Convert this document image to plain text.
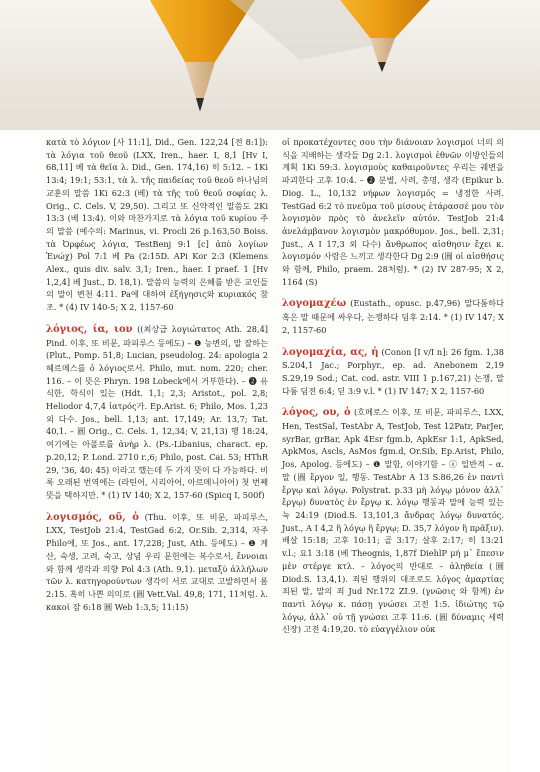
κατὰ τὸ λόγιον [사 11:1], Did., Gen. 122,24 [전 8:1]): τὰ λόγια τοῦ θεοῦ (LXX, Iren., haer. I, 8,1 [Hv I, 68,11] 베 τὰ θεῖα λ. Did., Gen. 174,16) 히 5:12. – 1Ki 13:4; 19:1; 53:1, τὰ λ. τῆς παιδείας τοῦ θεοῦ 하나님의 교훈의 말씀 1Ki 62:3 (베) τὰ τῆς τοῦ θεοῦ σοφίας λ. Orig., C. Cels. V, 29,50). 그리고 또 신약적인 말씀도 2Ki 13:3 (베 13:4). 이와 마찬가지로 τὰ λόγια τοῦ κυρίου 주의 말씀 (예수의: Marinus, vi. Procli 26 p.163,50 Boiss. τὰ Ὀρφέως λόγια, TestBenj 9:1 [c] ἀπὸ λογίων Ἐνώχ) Pol 7:1 베 Pa (2:15D. APi Kor 2:3 (Klemens Alex., quis div. salv. 3,1; Iren., haer. I praef. 1 [Hv 1,2,4] 베 Just., D. 18,1). 말씀의 능력의 은혜를 받은 교인들의 말이 변천 4:11. Pa에 대하여 ἐξήγησις와 κυριακός 참조. * (4) IV 140-5; X 2, 1157-60

λόγιος, ία, ιον ((최상급 λογιώτατος Ath. 28,4] Pind. 이후, 또 비문, 파피루스 등에도) – ❶ 능변의, 말 잘하는 (Plut., Pomp. 51,8; Lucian, pseudolog. 24: apologia 2 헤르메스를 ὁ λόγιος로서. Philo, mut. nom. 220; cher. 116. – 이 뜻은 Phryn. 198 Lobeck에서 거부한다). – ❷ 유식한, 학식이 있는 (Hdt. 1,1; 2,3; Aristot., pol. 2,8; Heliodor 4,7,4 ἰατρός가. Ep.Arist. 6; Philo, Mos. 1,23 외 다수. Jos., bell. 1,13; ant. 17,149; Ar. 13,7; Tat. 40,1. – 圓 Orig., C. Cels. 1, 12,34; V, 21,13) 행 18:24, 여기에는 아폴로를 ἀνὴρ λ. (Ps.-Libanius, charact. ep. p.20,12; P. Lond. 2710 r.,6; Philo, post. Cai. 53; HThR 29, '36, 40: 45) 이라고 했는데 두 가지 뜻이 다 가능하다. 비록 오래된 번역에는 (라틴어, 시리아어, 아르메니아어) 첫 번째 뜻을 택하지만. * (1) IV 140; X 2, 157-60 (Spicq I, 500f)

λογισμός, οῦ, ὁ (Thu. 이후, 또 비문, 파피루스, LXX, TestJob 21:4, TestGad 6:2, Or.Sib. 2,314, 자주 Philo에, 또 Jos., ant. 17,228; Just, Ath. 등에도) – ❶ 계산, 숙생, 고려, 숙고, 상념 우리 문헌에는 복수로서, ἔννοιαι와 함께 생각과 의향 Pol 4:3 (Ath. 9,1). μεταξὺ ἀλλήλων τῶν λ. κατηγορούντων 생각이 서로 교대로 고발하면서 롬 2:15. 혹히 나쁜 의미로 (圓 Vett.Val. 49,8; 171, 11처럼. λ. κακοί 잠 6:18 圓 Web 1:3,5; 11:15)

οἱ προκατέχοντες σου τὴν διάνοιαν λογισμοί 너의 의식을 지배하는 생각들 Dg 2:1. λογισμοὶ ἐθνῶν 이방인들의 계획 1Ki 59:3. λογισμοὺς καθαιροῦντες 우리는 궤변을 파괴한다 고후 10:4. – ❷ 분별, 사려, 총명, 생각 (Epikur b. Diog. L., 10,132 νήφων λογισμός = 냉정한 사려. TestGad 6:2 τὸ πνεῦμα τοῦ μίσους ἐτάρασσέ μου τὸν λογισμὸν πρὸς τὸ ἀνελεῖν αὐτόν. TestJob 21:4 ἀνελάμβανον λογισμὸν μακρόθυμον. Jos., bell. 2,31; Just., A I 17,3 외 다수) ἄνθρωπος αἰσθησιν ἔχει κ. λογισμόν 사람은 느끼고 생각한다 Dg 2:9 (圓 οἱ αἰσθήσις와 함께, Philo, praem. 28처럼). * (2) IV 287-95; X 2, 1164 (S)

λογομαχέω (Eustath., opusc. p.47,96) 말다툼하다 혹은 말 때문에 싸우다, 논쟁하다 딤후 2:14. * (1) IV 147; X 2, 1157-60

λογομαχία, ας, ἡ (Conon [I v/I n]: 26 fgm. 1,38 S.204,1 Jac.; Porphyr., ep. ad. Anebonem 2,19 S.29,19 Sod.; Cat. cod. astr. VIII 1 p.167,21) 논쟁, 말다툼 딤전 6:4; 딛 3:9 v.l. * (1) IV 147; X 2, 1157-60

λόγος, ου, ὁ (호메로스 이후, 또 비문, 파피루스, LXX, Hen, TestSal, TestAbr A, TestJob, Test 12Patr, ParJer, syrBar, grBar, Apk 4Esr fgm.b, ApkEsr 1:1, ApkSed, ApkMos, Ascls, AsMos fgm.d, Or.Sib, Ep.Arist, Philo, Jos, Apolog. 등에도) – ❶ 말함, 이야기함 – ⓐ 일반적 – α. 말 (圓 ἔργον 일, 행동. TestAbr A 13 S.86,26 ἐν παντὶ ἔργῳ καὶ λόγῳ. Polystrat. p.33 μὴ λόγῳ μόνον ἀλλ᾽ ἔργῳ) δυνατὸς ἐν ἔργῳ κ. λόγῳ 행동과 말에 능력 있는 눅 24:19 (Diod.S. 13,101,3 ἄνδρας λόγῳ δυνατός. Just., A I 4,2 ἢ λόγῳ ἢ ἔργῳ; D. 35,7 λόγον ἢ πρᾶξιν). 베살 15:18; 고후 10:11; 골 3:17; 살후 2:17; 히 13:21 v.l.; 요1 3:18 (베 Theognis, 1,87f DiehlP μή μ᾽ ἔπεσιν μὲν στέργε κτλ. – λόγος의 반대로 – ἀληθεία (圓 Diod.S. 13,4,1). 죄된 행위의 대조로도 λόγος ἁμαρτίας 죄된 말, 말의 죄 Jud Nr.172 ZI.9. (γνῶσις 와 함께) ἐν παντὶ λόγῳ κ. πάσῃ γνώσει 고전 1:5. ἰδιώτης τῷ λόγῳ, ἀλλ᾽ οὐ τῇ γνώσει 고후 11:6. (圓 δύναμις 세력 신장) 고전 4:19,20. τὸ εὐαγγέλιον οὐκ
